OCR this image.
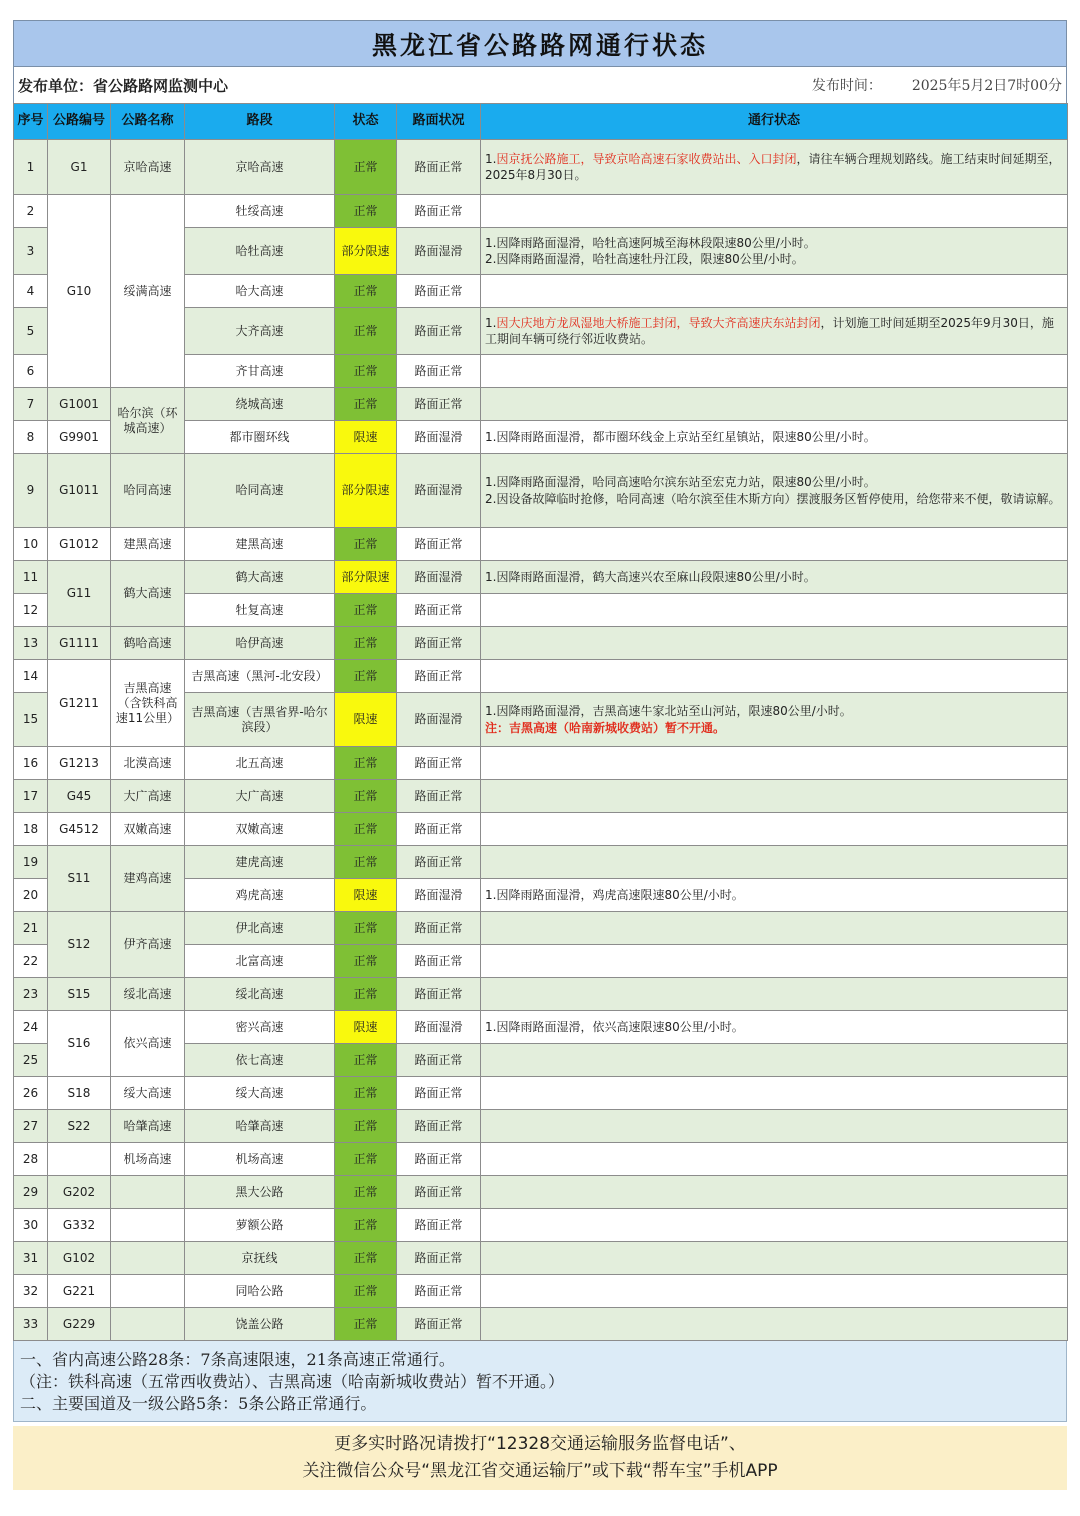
黑龙江省公路路网通行状态
发布单位：省公路路网监测中心	发布时间： 2025年5月2日7时00分
序号	公路编号	公路名称	路段	状态	路面状况	通行状态
1	G1	京哈高速	京哈高速	正常	路面正常	1.因京抚公路施工，导致京哈高速石家收费站出、入口封闭，请往车辆合理规划路线。施工结束时间延期至，2025年8月30日。
2	G10	绥满高速	牡绥高速	正常	路面正常	
3			哈牡高速	部分限速	路面湿滑	1.因降雨路面湿滑，哈牡高速阿城至海林段限速80公里/小时。
2.因降雨路面湿滑，哈牡高速牡丹江段，限速80公里/小时。
4			哈大高速	正常	路面正常	
5			大齐高速	正常	路面正常	1.因大庆地方龙凤湿地大桥施工封闭，导致大齐高速庆东站封闭，计划施工时间延期至2025年9月30日，施工期间车辆可绕行邻近收费站。
6			齐甘高速	正常	路面正常	
7	G1001	哈尔滨（环城高速）	绕城高速	正常	路面正常	
8	G9901		都市圈环线	限速	路面湿滑	1.因降雨路面湿滑，都市圈环线金上京站至红星镇站，限速80公里/小时。
9	G1011	哈同高速	哈同高速	部分限速	路面湿滑	1.因降雨路面湿滑，哈同高速哈尔滨东站至宏克力站，限速80公里/小时。
2.因设备故障临时抢修，哈同高速（哈尔滨至佳木斯方向）摆渡服务区暂停使用，给您带来不便，敬请谅解。
10	G1012	建黑高速	建黑高速	正常	路面正常	
11	G11	鹤大高速	鹤大高速	部分限速	路面湿滑	1.因降雨路面湿滑，鹤大高速兴农至麻山段限速80公里/小时。
12			牡复高速	正常	路面正常	
13	G1111	鹤哈高速	哈伊高速	正常	路面正常	
14	G1211	吉黑高速（含铁科高速11公里）	吉黑高速（黑河-北安段）	正常	路面正常	
15			吉黑高速（吉黑省界-哈尔滨段）	限速	路面湿滑	1.因降雨路面湿滑，吉黑高速牛家北站至山河站，限速80公里/小时。
注：吉黑高速（哈南新城收费站）暂不开通。
16	G1213	北漠高速	北五高速	正常	路面正常	
17	G45	大广高速	大广高速	正常	路面正常	
18	G4512	双嫩高速	双嫩高速	正常	路面正常	
19	S11	建鸡高速	建虎高速	正常	路面正常	
20			鸡虎高速	限速	路面湿滑	1.因降雨路面湿滑，鸡虎高速限速80公里/小时。
21	S12	伊齐高速	伊北高速	正常	路面正常	
22			北富高速	正常	路面正常	
23	S15	绥北高速	绥北高速	正常	路面正常	
24	S16	依兴高速	密兴高速	限速	路面湿滑	1.因降雨路面湿滑，依兴高速限速80公里/小时。
25			依七高速	正常	路面正常	
26	S18	绥大高速	绥大高速	正常	路面正常	
27	S22	哈肇高速	哈肇高速	正常	路面正常	
28		机场高速	机场高速	正常	路面正常	
29	G202		黑大公路	正常	路面正常	
30	G332		萝额公路	正常	路面正常	
31	G102		京抚线	正常	路面正常	
32	G221		同哈公路	正常	路面正常	
33	G229		饶盖公路	正常	路面正常	
一、省内高速公路28条：7条高速限速，21条高速正常通行。
（注：铁科高速（五常西收费站）、吉黑高速（哈南新城收费站）暂不开通。）
二、主要国道及一级公路5条：5条公路正常通行。
更多实时路况请拨打“12328交通运输服务监督电话”、
关注微信公众号“黑龙江省交通运输厅”或下载“帮车宝”手机APP
